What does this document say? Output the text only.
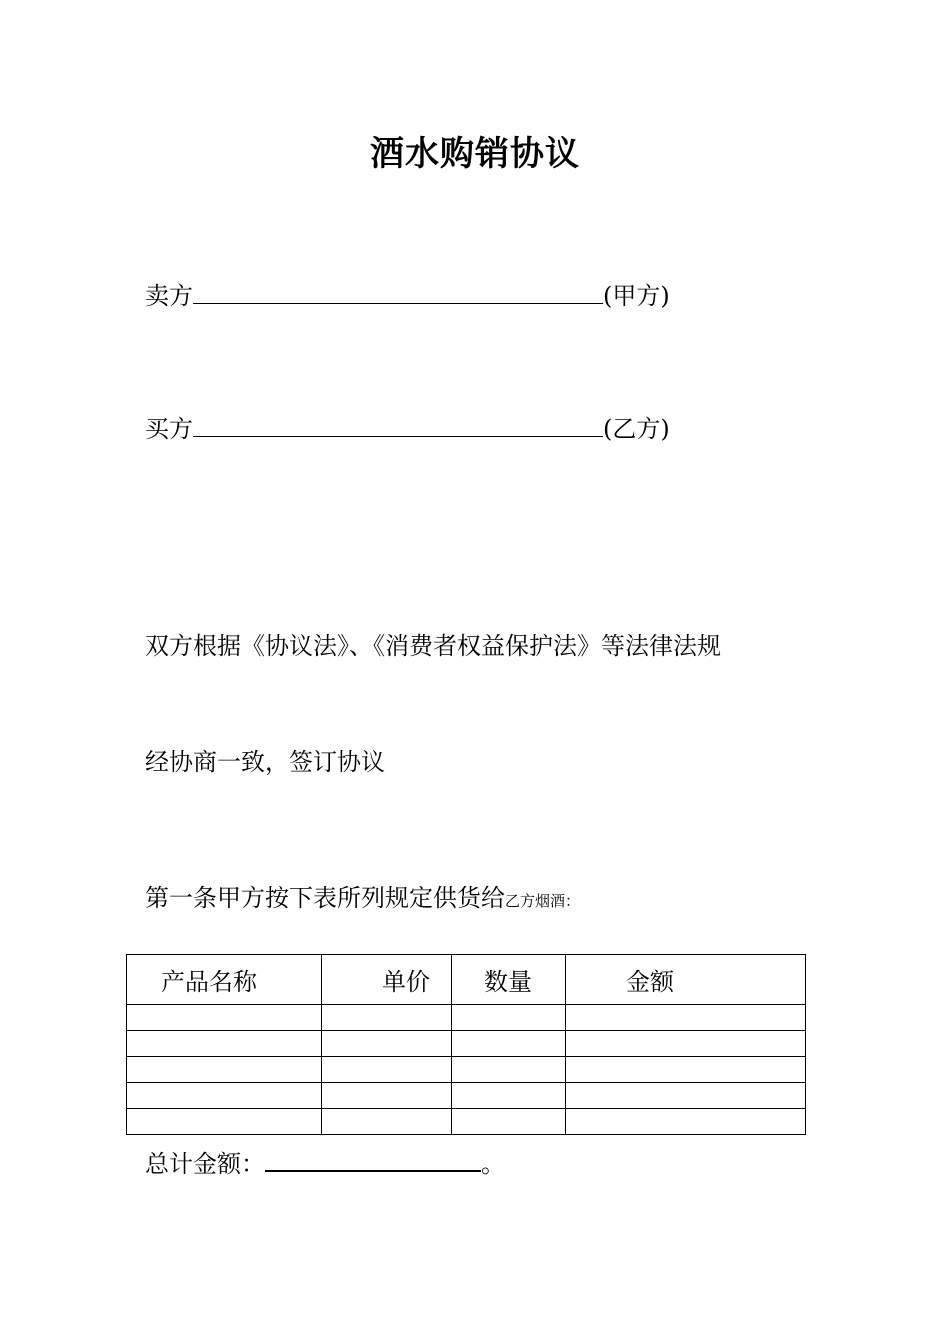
酒水购销协议
卖方	(甲方)
买方	(乙方)
双方根据《协议法》、《消费者权益保护法》等法律法规
经协商一致，签订协议
第一条甲方按下表所列规定供货给乙方烟酒：
产品名称	单价	数量	金额

总计金额：	。
